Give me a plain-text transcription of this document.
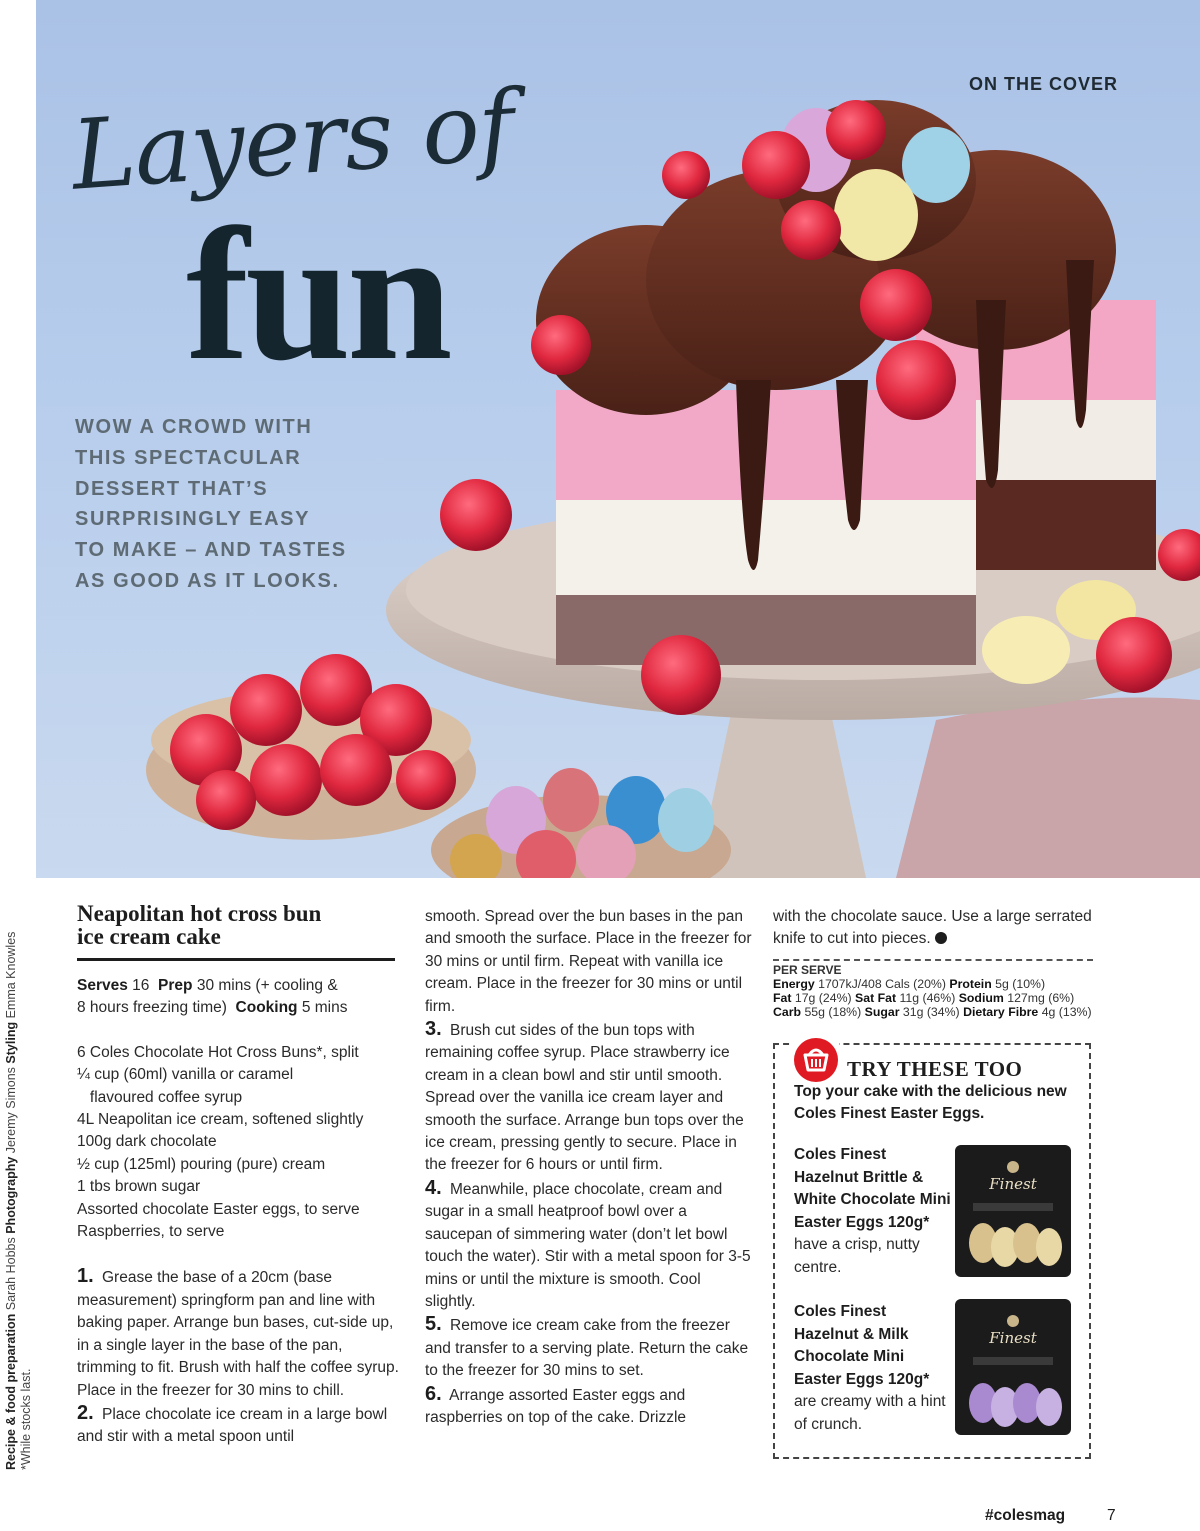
ON THE COVER
Layers of
fun
WOW A CROWD WITH
THIS SPECTACULAR
DESSERT THAT’S
SURPRISINGLY EASY
TO MAKE – AND TASTES
AS GOOD AS IT LOOKS.
Recipe & food preparation Sarah Hobbs Photography Jeremy Simons Styling Emma Knowles
*While stocks last.
Neapolitan hot cross bun
ice cream cake
Serves 16 Prep 30 mins (+ cooling &
8 hours freezing time) Cooking 5 mins
6 Coles Chocolate Hot Cross Buns*, split
¼ cup (60ml) vanilla or caramel
flavoured coffee syrup
4L Neapolitan ice cream, softened slightly
100g dark chocolate
½ cup (125ml) pouring (pure) cream
1 tbs brown sugar
Assorted chocolate Easter eggs, to serve
Raspberries, to serve

1. Grease the base of a 20cm (base measurement) springform pan and line with baking paper. Arrange bun bases, cut-side up, in a single layer in the base of the pan, trimming to fit. Brush with half the coffee syrup. Place in the freezer for 30 mins to chill.

2. Place chocolate ice cream in a large bowl and stir with a metal spoon until

smooth. Spread over the bun bases in the pan and smooth the surface. Place in the freezer for 30 mins or until firm. Repeat with vanilla ice cream. Place in the freezer for 30 mins or until firm.

3. Brush cut sides of the bun tops with remaining coffee syrup. Place strawberry ice cream in a clean bowl and stir until smooth. Spread over the vanilla ice cream layer and smooth the surface. Arrange bun tops over the ice cream, pressing gently to secure. Place in the freezer for 6 hours or until firm.

4. Meanwhile, place chocolate, cream and sugar in a small heatproof bowl over a saucepan of simmering water (don’t let bowl touch the water). Stir with a metal spoon for 3-5 mins or until the mixture is smooth. Cool slightly.

5. Remove ice cream cake from the freezer and transfer to a serving plate. Return the cake to the freezer for 30 mins to set.

6. Arrange assorted Easter eggs and raspberries on top of the cake. Drizzle

with the chocolate sauce. Use a large serrated knife to cut into pieces.

PER SERVE
Energy 1707kJ/408 Cals (20%) Protein 5g (10%)
Fat 17g (24%) Sat Fat 11g (46%) Sodium 127mg (6%)
Carb 55g (18%) Sugar 31g (34%) Dietary Fibre 4g (13%)
TRY THESE TOO
Top your cake with the delicious new Coles Finest Easter Eggs.
Coles Finest Hazelnut Brittle & White Chocolate Mini Easter Eggs 120g* have a crisp, nutty centre.
Finest
Coles Finest Hazelnut & Milk Chocolate Mini Easter Eggs 120g* are creamy with a hint of crunch.
Finest
#colesmag	7
